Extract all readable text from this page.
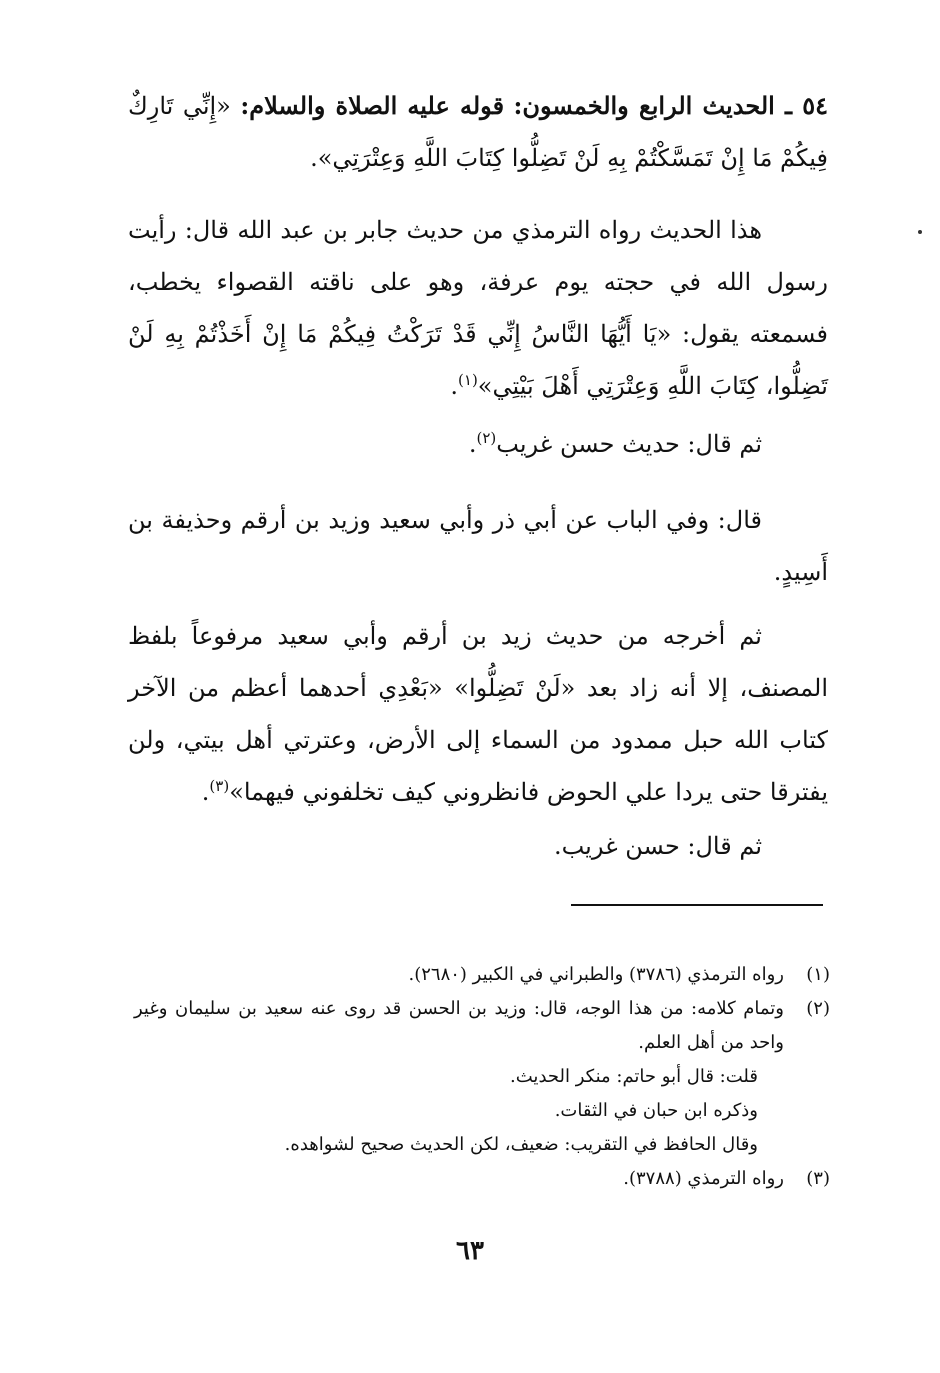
٥٤ ـ الحديث الرابع والخمسون: قوله عليه الصلاة والسلام: «إِنِّي تَارِكٌ فِيكُمْ مَا إِنْ تَمَسَّكْتُمْ بِهِ لَنْ تَضِلُّوا كِتَابَ اللَّهِ وَعِتْرَتِي».
هذا الحديث رواه الترمذي من حديث جابر بن عبد الله قال: رأيت رسول الله في حجته يوم عرفة، وهو على ناقته القصواء يخطب، فسمعته يقول: «يَا أَيُّهَا النَّاسُ إِنِّي قَدْ تَرَكْتُ فِيكُمْ مَا إِنْ أَخَذْتُمْ بِهِ لَنْ تَضِلُّوا، كِتَابَ اللَّهِ وَعِتْرَتِي أَهْلَ بَيْتِي»$^{(١)}$.
ثم قال: حديث حسن غريب$^{(٢)}$.
قال: وفي الباب عن أبي ذر وأبي سعيد وزيد بن أرقم وحذيفة بن أَسِيدٍ.
ثم أخرجه من حديث زيد بن أرقم وأبي سعيد مرفوعاً بلفظ المصنف، إلا أنه زاد بعد «لَنْ تَضِلُّوا» «بَعْدِي أحدهما أعظم من الآخر كتاب الله حبل ممدود من السماء إلى الأرض، وعترتي أهل بيتي، ولن يفترقا حتى يردا علي الحوض فانظروني كيف تخلفوني فيهما»$^{(٣)}$.
ثم قال: حسن غريب.
(١)
رواه الترمذي (٣٧٨٦) والطبراني في الكبير (٢٦٨٠).
(٢)
وتمام كلامه: من هذا الوجه، قال: وزيد بن الحسن قد روى عنه سعيد بن سليمان وغير واحد من أهل العلم.
قلت: قال أبو حاتم: منكر الحديث.
وذكره ابن حبان في الثقات.
وقال الحافظ في التقريب: ضعيف، لكن الحديث صحيح لشواهده.
(٣)
رواه الترمذي (٣٧٨٨).
٦٣
